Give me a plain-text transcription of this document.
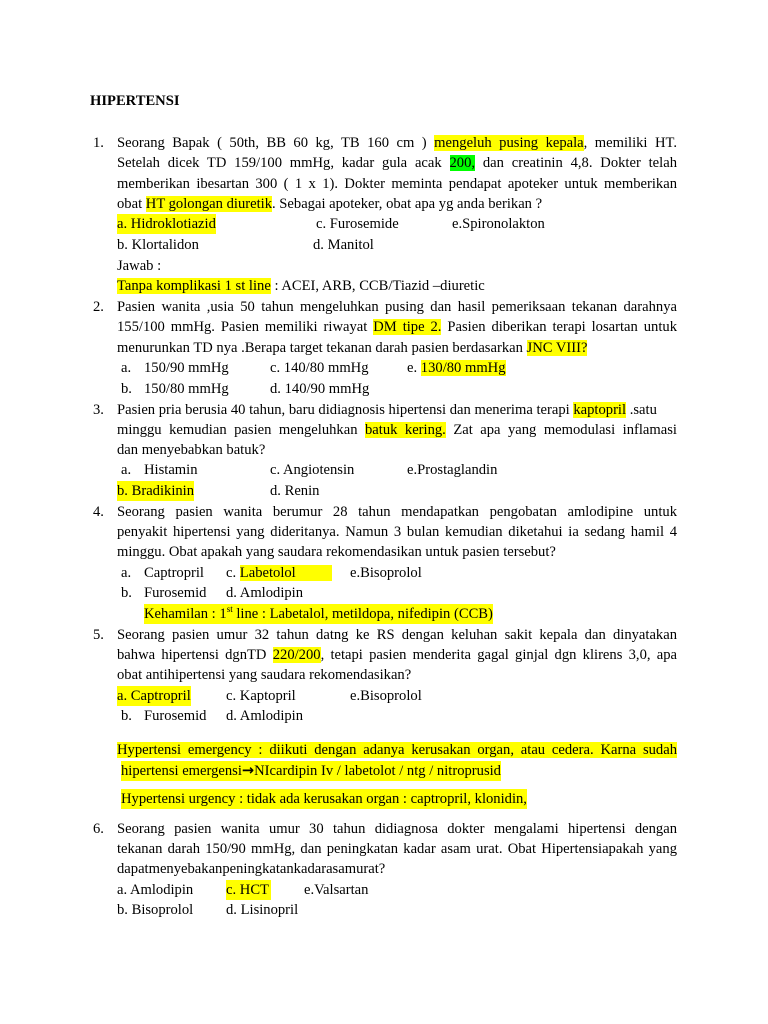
HIPERTENSI
1. Seorang Bapak ( 50th, BB 60 kg, TB 160 cm ) mengeluh pusing kepala, memiliki HT.
Setelah dicek TD 159/100 mmHg, kadar gula acak 200, dan creatinin 4,8. Dokter telah
memberikan ibesartan 300 ( 1 x 1). Dokter meminta pendapat apoteker untuk memberikan
obat HT golongan diuretik. Sebagai apoteker, obat apa yg anda berikan ?
a. Hidroklotiazid	c. Furosemide	e.Spironolakton
b. Klortalidon	d. Manitol
Jawab :
Tanpa komplikasi 1 st line : ACEI, ARB, CCB/Tiazid –diuretic
2. Pasien wanita ,usia 50 tahun mengeluhkan pusing dan hasil pemeriksaan tekanan darahnya
155/100 mmHg. Pasien memiliki riwayat DM tipe 2. Pasien diberikan terapi losartan untuk
menurunkan TD nya .Berapa target tekanan darah pasien berdasarkan JNC VIII?
a. 150/90 mmHg	c. 140/80 mmHg	e. 130/80 mmHg
b. 150/80 mmHg	d. 140/90 mmHg
3. Pasien pria berusia 40 tahun, baru didiagnosis hipertensi dan menerima terapi kaptopril .satu
minggu kemudian pasien mengeluhkan batuk kering. Zat apa yang memodulasi inflamasi
dan menyebabkan batuk?
a. Histamin	c. Angiotensin	e.Prostaglandin
b. Bradikinin	d. Renin
4. Seorang pasien wanita berumur 28 tahun mendapatkan pengobatan amlodipine untuk
penyakit hipertensi yang dideritanya. Namun 3 bulan kemudian diketahui ia sedang hamil 4
minggu. Obat apakah yang saudara rekomendasikan untuk pasien tersebut?
a. Captropril c. Labetolol	e.Bisoprolol
b. Furosemid d. Amlodipin
Kehamilan : 1st line : Labetalol, metildopa, nifedipin (CCB)
5. Seorang pasien umur 32 tahun datng ke RS dengan keluhan sakit kepala dan dinyatakan
bahwa hipertensi dgnTD 220/200, tetapi pasien menderita gagal ginjal dgn klirens 3,0, apa
obat antihipertensi yang saudara rekomendasikan?
a. Captropril c. Kaptopril	e.Bisoprolol
b. Furosemid d. Amlodipin
Hypertensi emergency : diikuti dengan adanya kerusakan organ, atau cedera. Karna sudah
hipertensi emergensi→NIcardipin Iv / labetolot / ntg / nitroprusid
Hypertensi urgency : tidak ada kerusakan organ : captropril, klonidin,
6. Seorang pasien wanita umur 30 tahun didiagnosa dokter mengalami hipertensi dengan
tekanan darah 150/90 mmHg, dan peningkatan kadar asam urat. Obat Hipertensiapakah yang
dapatmenyebakanpeningkatankadarasamurat?
a. Amlodipin c. HCT e.Valsartan
b. Bisoprolol d. Lisinopril
